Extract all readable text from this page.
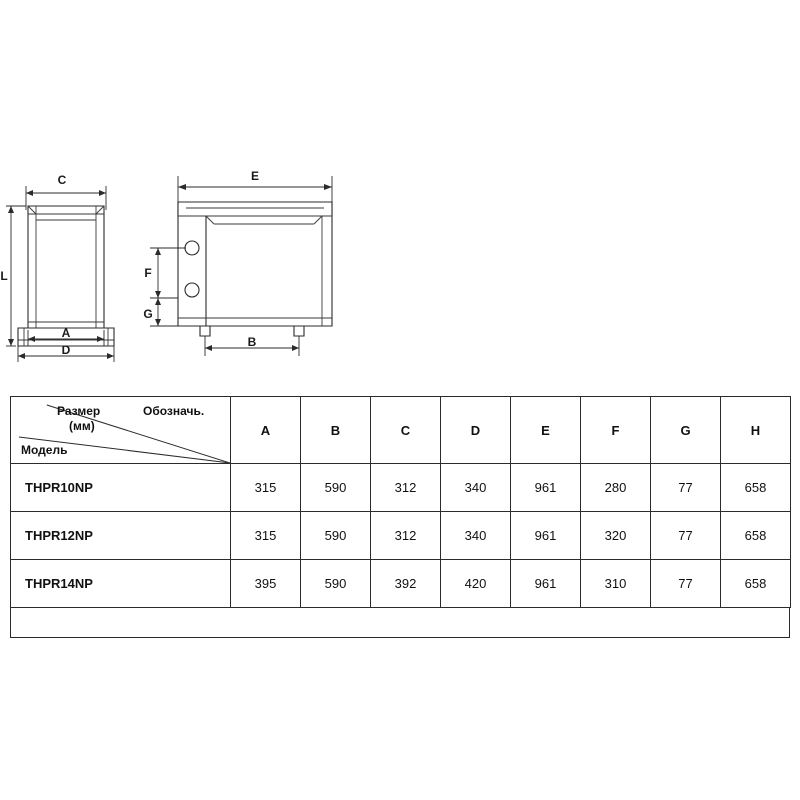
C
L
A
D
E
F
G
B
Размер
(мм)
Обозначь.
Модель	A	B	C	D	E	F	G	H
THPR10NP	315	590	312	340	961	280	77	658
THPR12NP	315	590	312	340	961	320	77	658
THPR14NP	395	590	392	420	961	310	77	658
